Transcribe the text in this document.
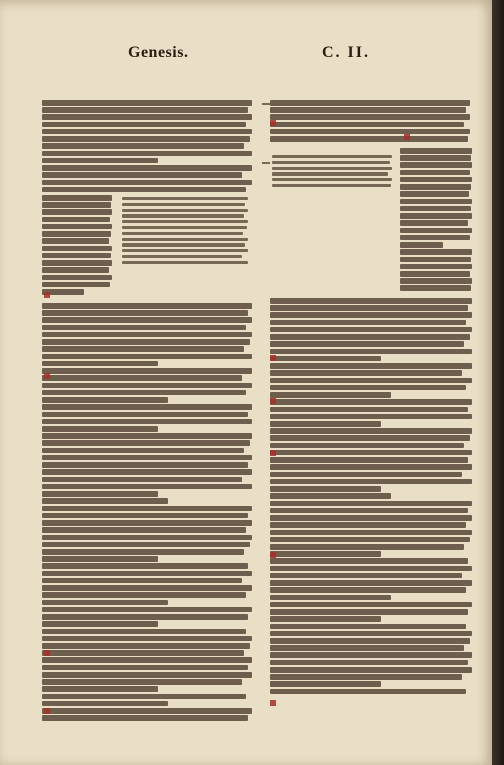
Genesis.	C. II.
